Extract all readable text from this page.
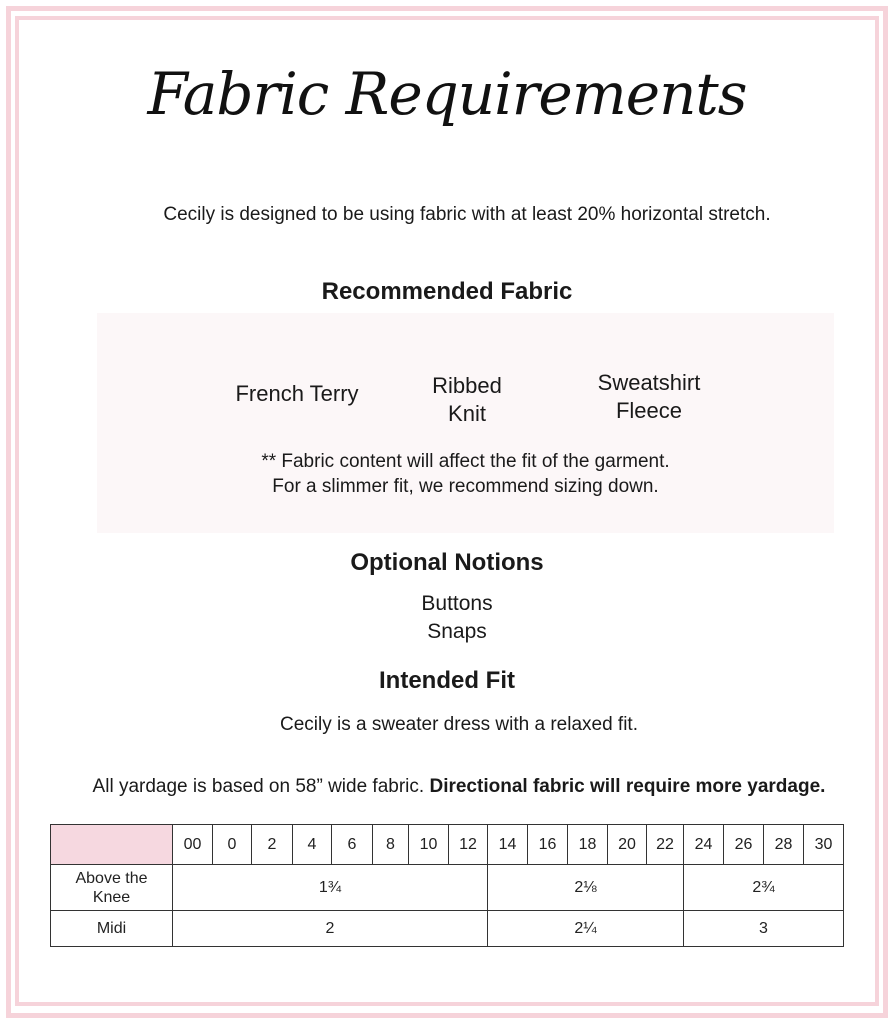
Fabric Requirements
Cecily is designed to be using fabric with at least 20% horizontal stretch.
Recommended Fabric
French Terry	Ribbed
Knit
Sweatshirt
Fleece
** Fabric content will affect the fit of the garment.
For a slimmer fit, we recommend sizing down.
Optional Notions
Buttons
Snaps
Intended Fit
Cecily is a sweater dress with a relaxed fit.
All yardage is based on 58” wide fabric. Directional fabric will require more yardage.
	00	0	2	4	6	8	10	12	14	16	18	20	22	24	26	28	30

Above the
Knee	1¾								2⅛					2¾			
Midi	2								2¼					3			
